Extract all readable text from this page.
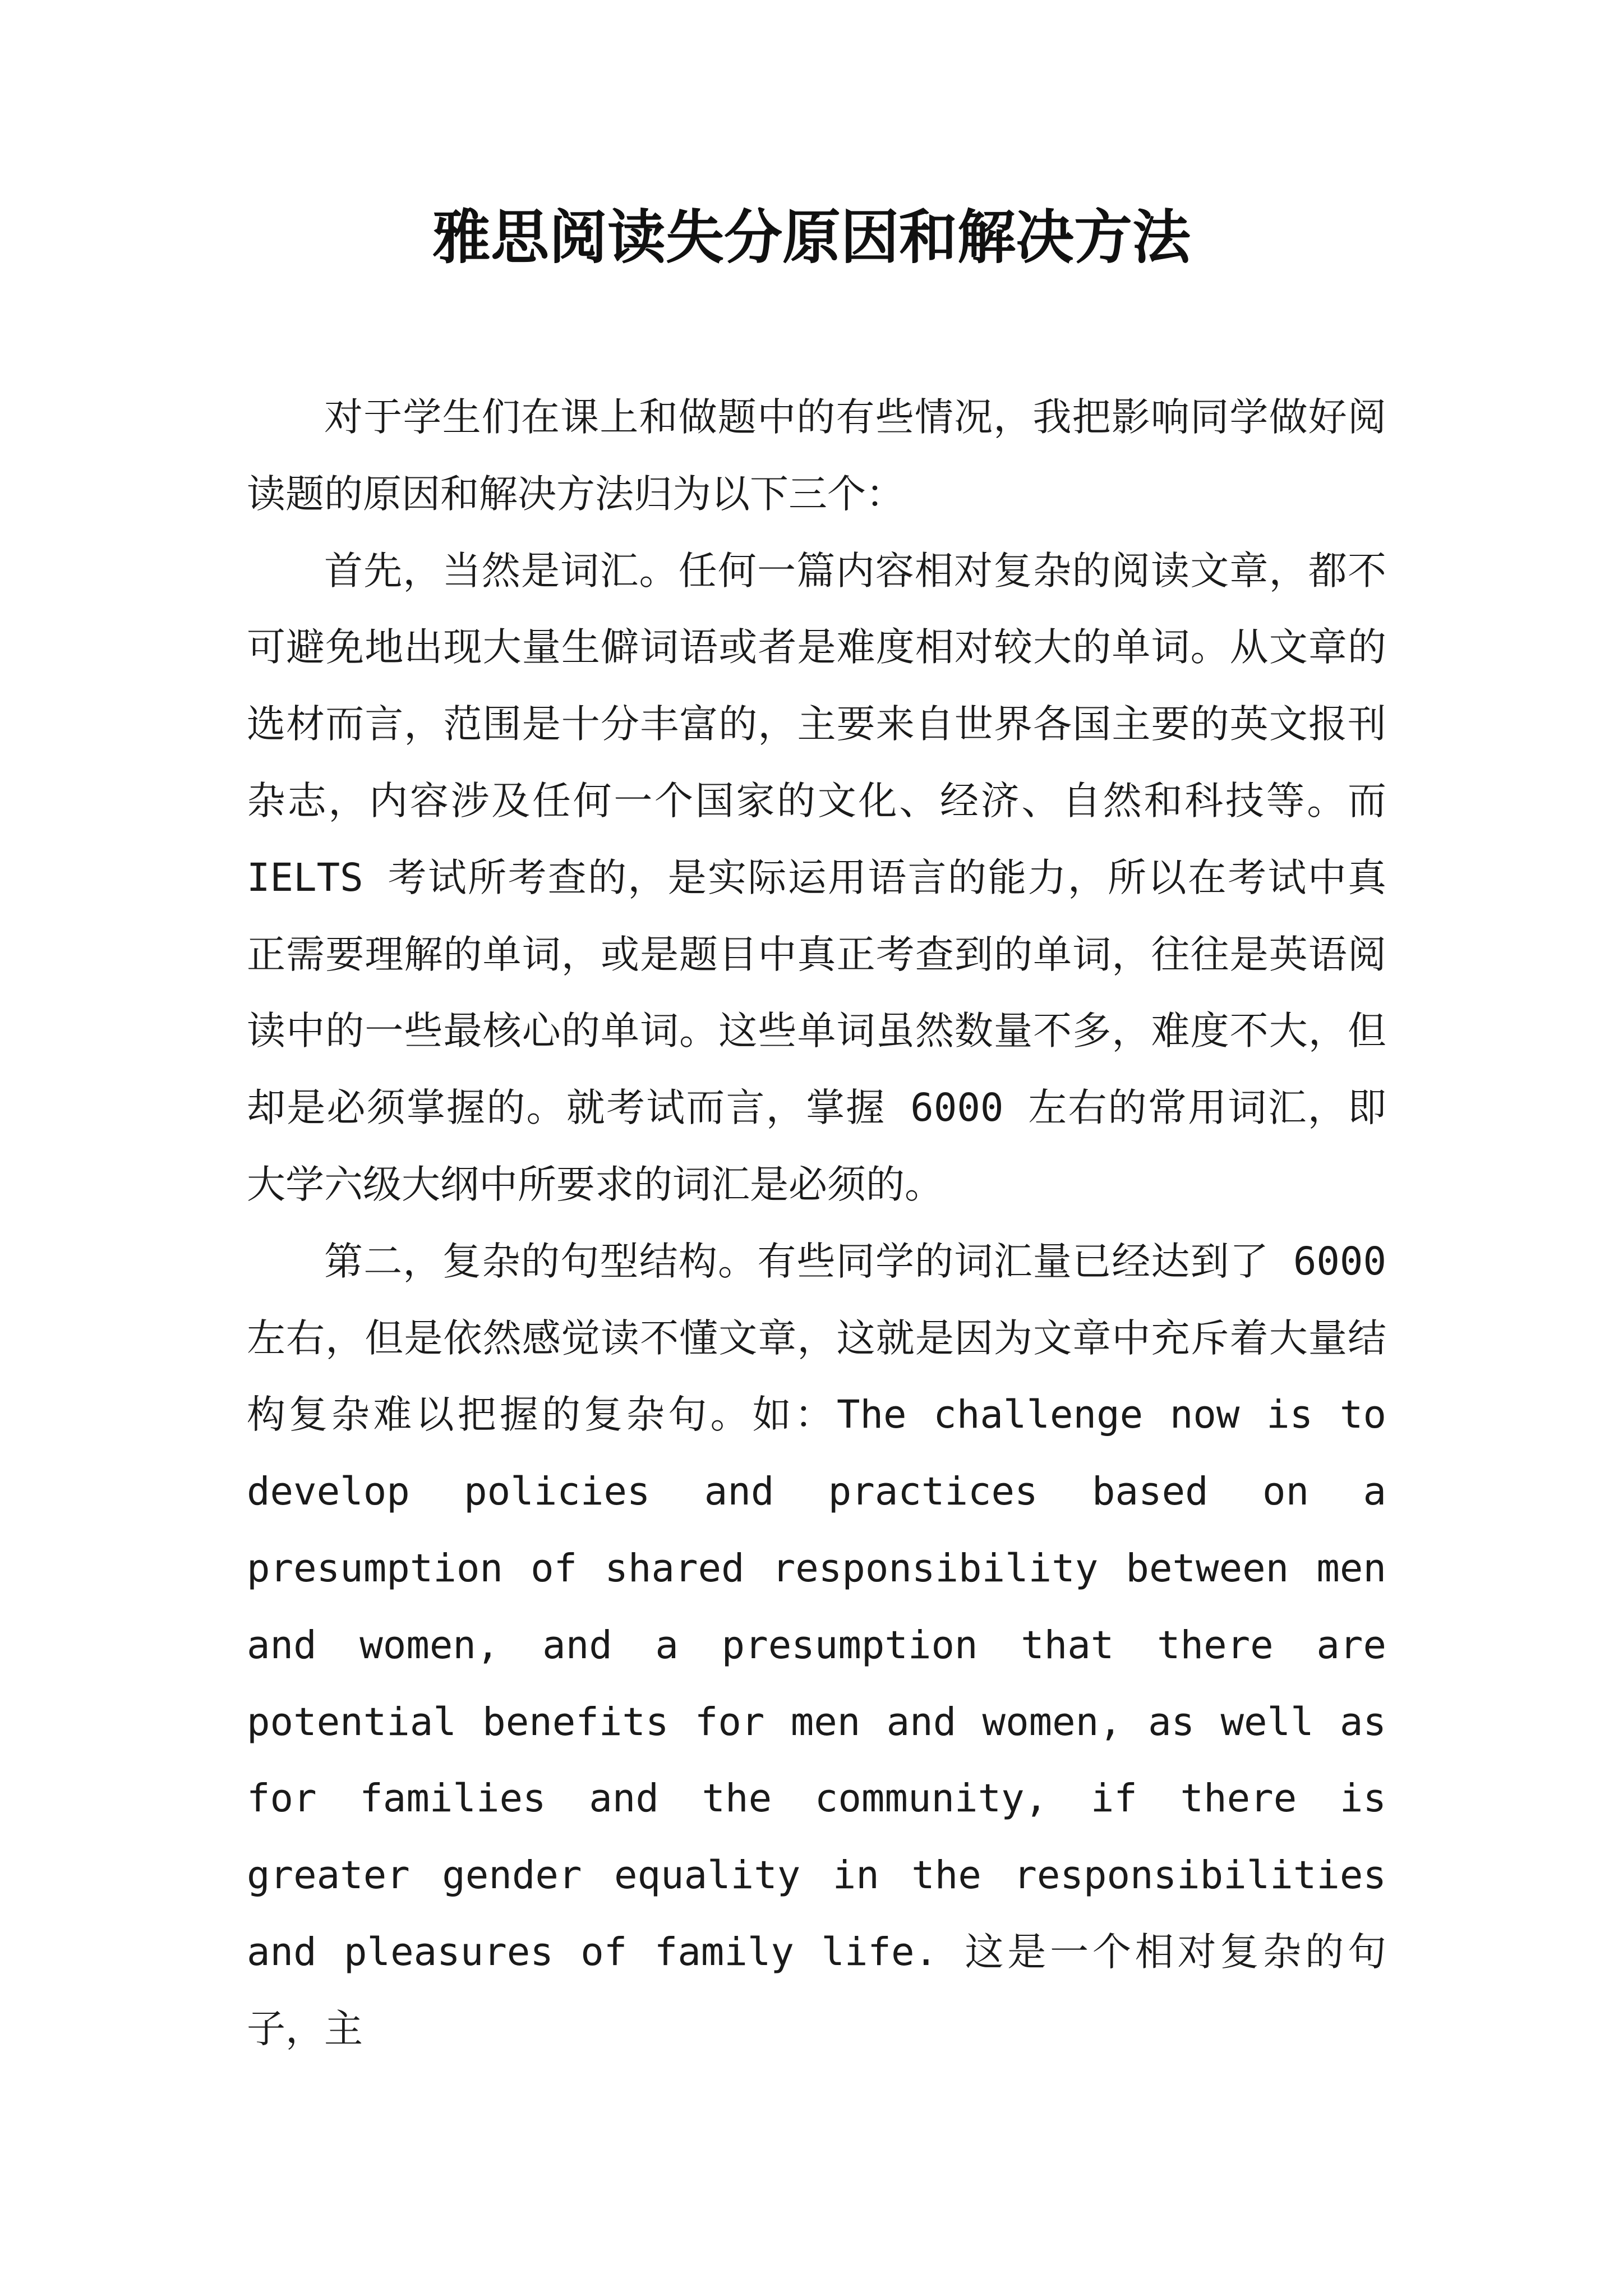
雅思阅读失分原因和解决方法

对于学生们在课上和做题中的有些情况，我把影响同学做好阅读题的原因和解决方法归为以下三个：

首先，当然是词汇。任何一篇内容相对复杂的阅读文章，都不可避免地出现大量生僻词语或者是难度相对较大的单词。从文章的选材而言，范围是十分丰富的，主要来自世界各国主要的英文报刊杂志，内容涉及任何一个国家的文化、经济、自然和科技等。而 IELTS 考试所考查的，是实际运用语言的能力，所以在考试中真正需要理解的单词，或是题目中真正考查到的单词，往往是英语阅读中的一些最核心的单词。这些单词虽然数量不多，难度不大，但却是必须掌握的。就考试而言，掌握 6000 左右的常用词汇，即大学六级大纲中所要求的词汇是必须的。

第二，复杂的句型结构。有些同学的词汇量已经达到了 6000 左右，但是依然感觉读不懂文章，这就是因为文章中充斥着大量结构复杂难以把握的复杂句。如：The challenge now is to develop policies and practices based on a presumption of shared responsibility between men and women, and a presumption that there are potential benefits for men and women, as well as for families and the community, if there is greater gender equality in the responsibilities and pleasures of family life. 这是一个相对复杂的句子，主
